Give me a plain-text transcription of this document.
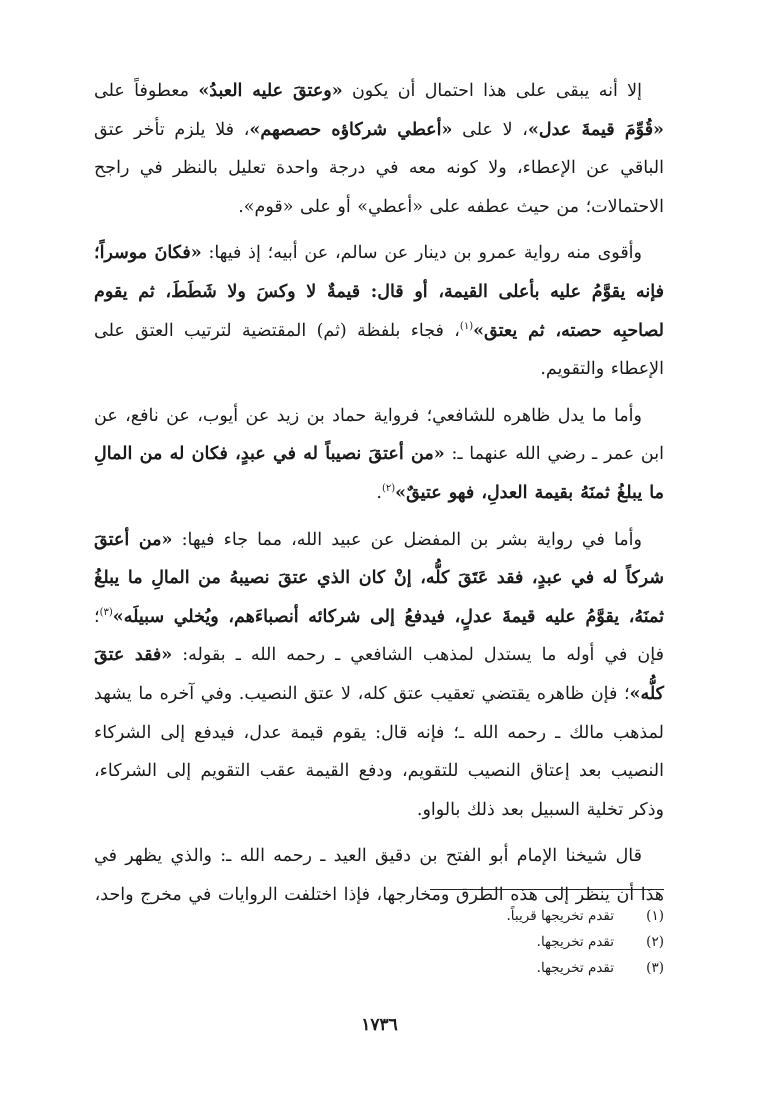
إلا أنه يبقى على هذا احتمال أن يكون «وعتقَ عليه العبدُ» معطوفاً على «قُوِّمَ قيمةَ عدل»، لا على «أعطي شركاؤه حصصهم»، فلا يلزم تأخر عتق الباقي عن الإعطاء، ولا كونه معه في درجة واحدة تعليل بالنظر في راجح الاحتمالات؛ من حيث عطفه على «أعطي» أو على «قوم».

وأقوى منه رواية عمرو بن دينار عن سالم، عن أبيه؛ إذ فيها: «فكانَ موسراً؛ فإنه يقوَّمُ عليه بأعلى القيمة، أو قال: قيمةٌ لا وكسَ ولا شَطَطَ، ثم يقوم لصاحبِه حصته، ثم يعتق»$^{(١)}$، فجاء بلفظة (ثم) المقتضية لترتيب العتق على الإعطاء والتقويم.

وأما ما يدل ظاهره للشافعي؛ فرواية حماد بن زيد عن أيوب، عن نافع، عن ابن عمر ـ رضي الله عنهما ـ: «من أعتقَ نصيباً له في عبدٍ، فكان له من المالِ ما يبلغُ ثمنَهُ بقيمة العدلِ، فهو عتيقٌ»$^{(٢)}$.

وأما في رواية بشر بن المفضل عن عبيد الله، مما جاء فيها: «من أعتقَ شركاً له في عبدٍ، فقد عَتَقَ كلُّه، إنْ كان الذي عتقَ نصيبهُ من المالِ ما يبلغُ ثمنَهُ، يقوَّمُ عليه قيمةَ عدلٍ، فيدفعُ إلى شركائه أنصباءَهم، ويُخلي سبيلَه»$^{(٣)}$؛ فإن في أوله ما يستدل لمذهب الشافعي ـ رحمه الله ـ بقوله: «فقد عتقَ كلُّه»؛ فإن ظاهره يقتضي تعقيب عتق كله، لا عتق النصيب. وفي آخره ما يشهد لمذهب مالك ـ رحمه الله ـ؛ فإنه قال: يقوم قيمة عدل، فيدفع إلى الشركاء النصيب بعد إعتاق النصيب للتقويم، ودفع القيمة عقب التقويم إلى الشركاء، وذكر تخلية السبيل بعد ذلك بالواو.

قال شيخنا الإمام أبو الفتح بن دقيق العيد ـ رحمه الله ـ: والذي يظهر في هذا أن ينظر إلى هذه الطرق ومخارجها، فإذا اختلفت الروايات في مخرج واحد،

(١)
تقدم تخريجها قريباً.
(٢)
تقدم تخريجها.
(٣)
تقدم تخريجها.
١٧٣٦
